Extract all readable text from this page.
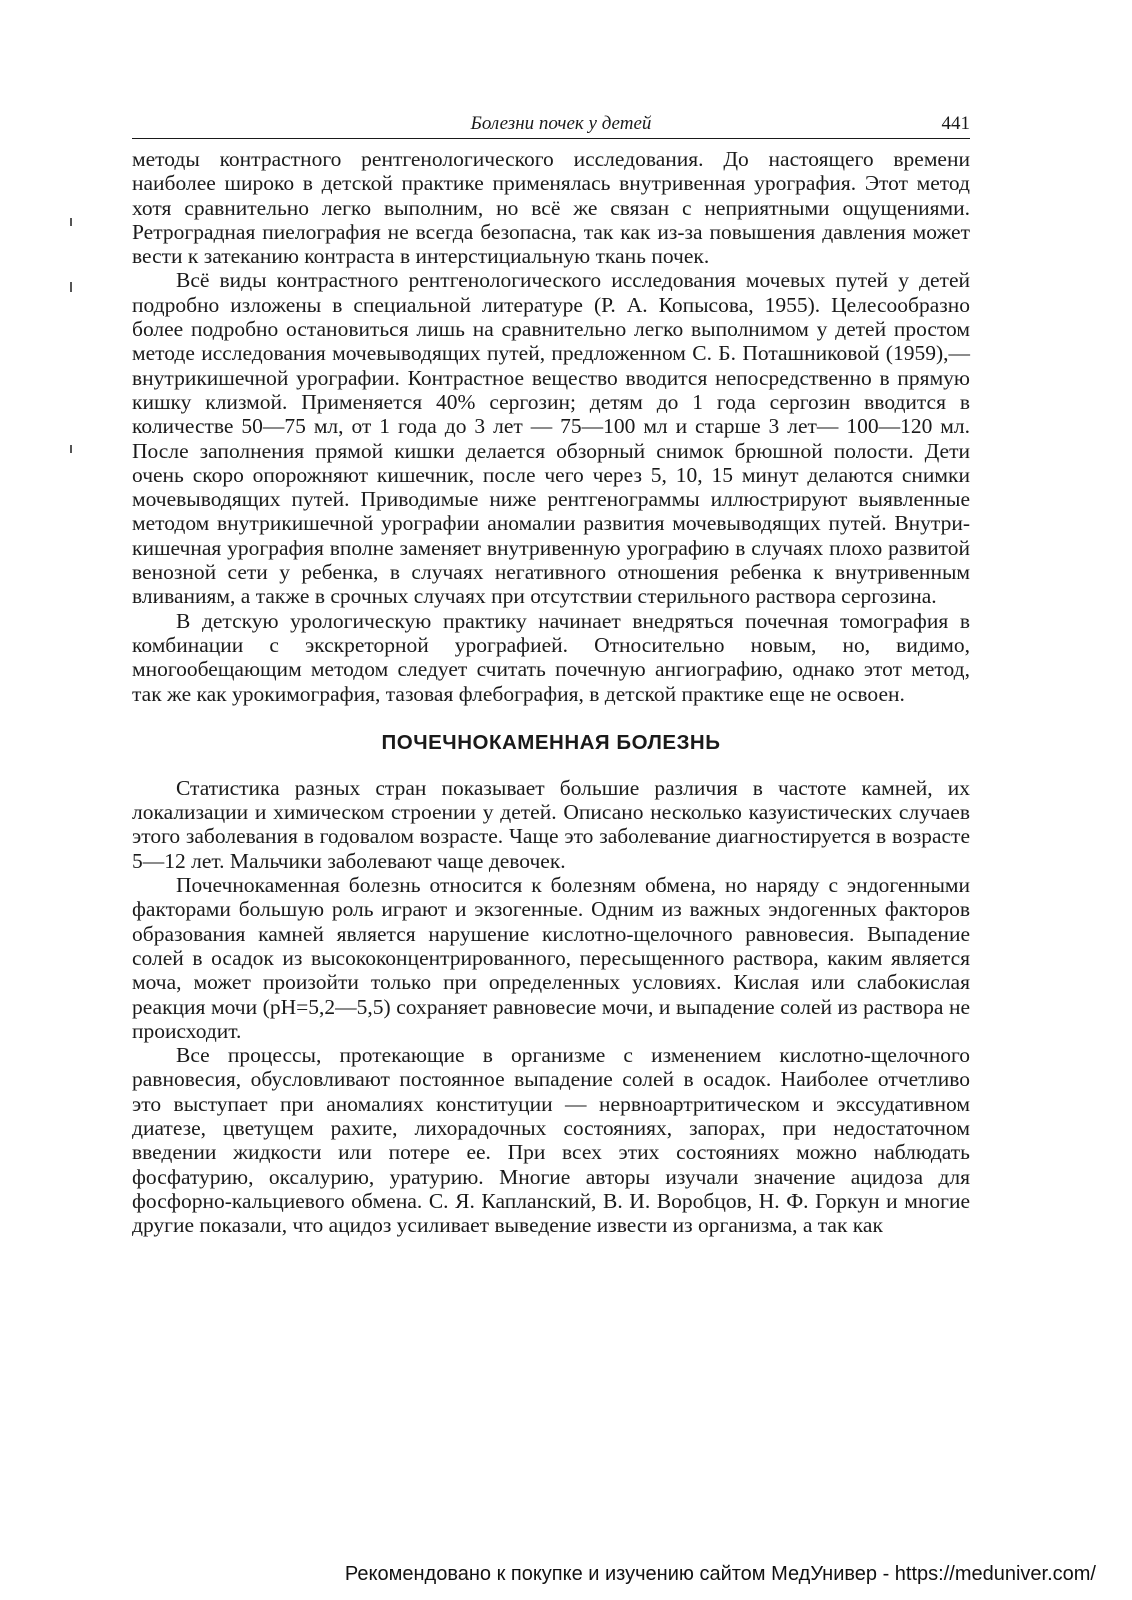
Болезни почек у детей	441

методы контрастного рентгенологического исследования. До настоящего времени наиболее широко в детской практике применялась внутривенная урография. Этот метод хотя сравнительно легко выполним, но всё же связан с неприятными ощущениями. Ретроградная пиелография не всегда безопасна, так как из-за повышения давления может вести к затеканию контраста в интерстициальную ткань почек.

Всё виды контрастного рентгенологического исследования мочевых путей у детей подробно изложены в специальной литературе (Р. А. Копысова, 1955). Целесообразно более подробно остановиться лишь на сравнительно легко выполнимом у детей простом методе исследования мочевыводящих путей, предложенном С. Б. Поташниковой (1959),— внутрикишечной урографии. Контрастное вещество вводится непосредственно в прямую кишку клизмой. Применяется 40% сергозин; детям до 1 года сергозин вводится в количестве 50—75 мл, от 1 года до 3 лет — 75—100 мл и старше 3 лет— 100—120 мл. После заполнения прямой кишки делается обзорный снимок брюшной полости. Дети очень скоро опорожняют кишечник, после чего через 5, 10, 15 минут делаются снимки мочевыводящих путей. Приводимые ниже рентгенограммы иллюстрируют выявленные методом внутрикишечной урографии аномалии развития мочевыводящих путей. Внутрикишечная урография вполне заменяет внутривенную урографию в случаях плохо развитой венозной сети у ребенка, в случаях негативного отношения ребенка к внутривенным вливаниям, а также в срочных случаях при отсутствии стерильного раствора сергозина.

В детскую урологическую практику начинает внедряться почечная томография в комбинации с экскреторной урографией. Относительно новым, но, видимо, многообещающим методом следует считать почечную ангиографию, однако этот метод, так же как урокимография, тазовая флебография, в детской практике еще не освоен.

ПОЧЕЧНОКАМЕННАЯ БОЛЕЗНЬ

Статистика разных стран показывает большие различия в частоте камней, их локализации и химическом строении у детей. Описано несколько казуистических случаев этого заболевания в годовалом возрасте. Чаще это заболевание диагностируется в возрасте 5—12 лет. Мальчики заболевают чаще девочек.

Почечнокаменная болезнь относится к болезням обмена, но наряду с эндогенными факторами большую роль играют и экзогенные. Одним из важных эндогенных факторов образования камней является нарушение кислотно-щелочного равновесия. Выпадение солей в осадок из высококонцентрированного, пересыщенного раствора, каким является моча, может произойти только при определенных условиях. Кислая или слабокислая реакция мочи (pH=5,2—5,5) сохраняет равновесие мочи, и выпадение солей из раствора не происходит.

Все процессы, протекающие в организме с изменением кислотно-щелочного равновесия, обусловливают постоянное выпадение солей в осадок. Наиболее отчетливо это выступает при аномалиях конституции — нервноартритическом и экссудативном диатезе, цветущем рахите, лихорадочных состояниях, запорах, при недостаточном введении жидкости или потере ее. При всех этих состояниях можно наблюдать фосфатурию, оксалурию, уратурию. Многие авторы изучали значение ацидоза для фосфорно-кальциевого обмена. С. Я. Капланский, В. И. Воробцов, Н. Ф. Горкун и многие другие показали, что ацидоз усиливает выведение извести из организма, а так как

Рекомендовано к покупке и изучению сайтом МедУнивер - https://meduniver.com/
